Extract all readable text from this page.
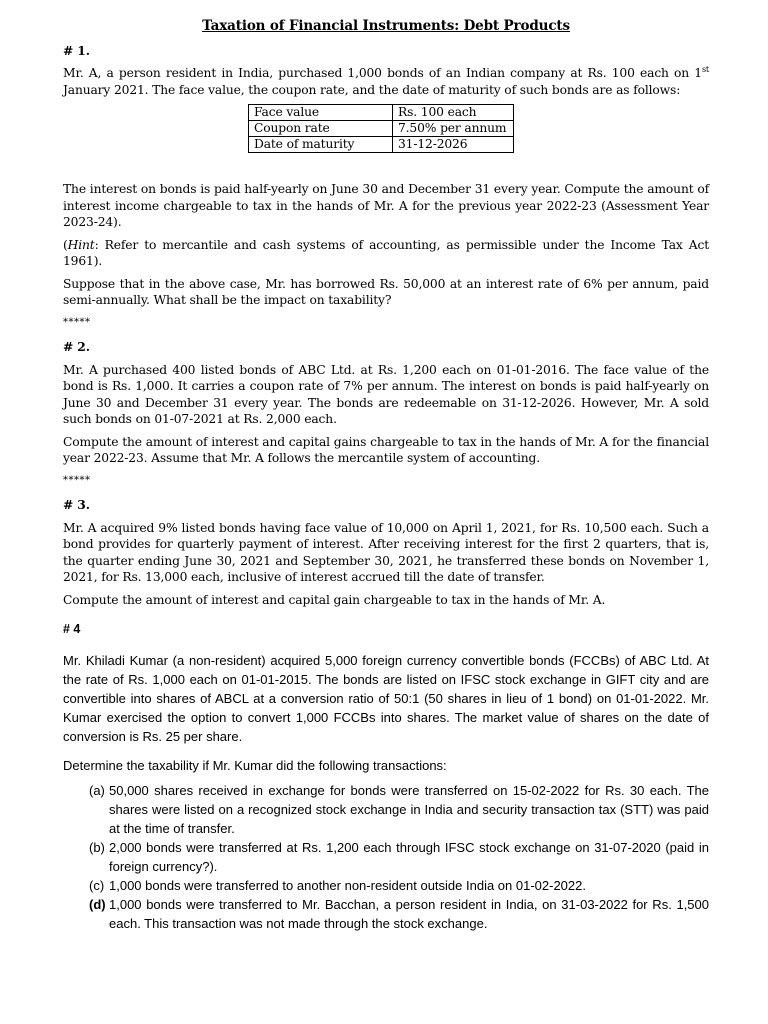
Taxation of Financial Instruments: Debt Products
# 1.

Mr. A, a person resident in India, purchased 1,000 bonds of an Indian company at Rs. 100 each on 1st January 2021. The face value, the coupon rate, and the date of maturity of such bonds are as follows:

Face value	Rs. 100 each
Coupon rate	7.50% per annum
Date of maturity	31-12-2026

The interest on bonds is paid half-yearly on June 30 and December 31 every year. Compute the amount of interest income chargeable to tax in the hands of Mr. A for the previous year 2022-23 (Assessment Year 2023-24).

(Hint: Refer to mercantile and cash systems of accounting, as permissible under the Income Tax Act 1961).

Suppose that in the above case, Mr. has borrowed Rs. 50,000 at an interest rate of 6% per annum, paid semi-annually. What shall be the impact on taxability?

*****
# 2.

Mr. A purchased 400 listed bonds of ABC Ltd. at Rs. 1,200 each on 01-01-2016. The face value of the bond is Rs. 1,000. It carries a coupon rate of 7% per annum. The interest on bonds is paid half-yearly on June 30 and December 31 every year. The bonds are redeemable on 31-12-2026. However, Mr. A sold such bonds on 01-07-2021 at Rs. 2,000 each.

Compute the amount of interest and capital gains chargeable to tax in the hands of Mr. A for the financial year 2022-23. Assume that Mr. A follows the mercantile system of accounting.

*****
# 3.

Mr. A acquired 9% listed bonds having face value of 10,000 on April 1, 2021, for Rs. 10,500 each. Such a bond provides for quarterly payment of interest. After receiving interest for the first 2 quarters, that is, the quarter ending June 30, 2021 and September 30, 2021, he transferred these bonds on November 1, 2021, for Rs. 13,000 each, inclusive of interest accrued till the date of transfer.

Compute the amount of interest and capital gain chargeable to tax in the hands of Mr. A.

# 4

Mr. Khiladi Kumar (a non-resident) acquired 5,000 foreign currency convertible bonds (FCCBs) of ABC Ltd. At the rate of Rs. 1,000 each on 01-01-2015. The bonds are listed on IFSC stock exchange in GIFT city and are convertible into shares of ABCL at a conversion ratio of 50:1 (50 shares in lieu of 1 bond) on 01-01-2022. Mr. Kumar exercised the option to convert 1,000 FCCBs into shares. The market value of shares on the date of conversion is Rs. 25 per share.

Determine the taxability if Mr. Kumar did the following transactions:

(a) 50,000 shares received in exchange for bonds were transferred on 15-02-2022 for Rs. 30 each. The shares were listed on a recognized stock exchange in India and security transaction tax (STT) was paid at the time of transfer.
(b) 2,000 bonds were transferred at Rs. 1,200 each through IFSC stock exchange on 31-07-2020 (paid in foreign currency?).
(c) 1,000 bonds were transferred to another non-resident outside India on 01-02-2022.
(d) 1,000 bonds were transferred to Mr. Bacchan, a person resident in India, on 31-03-2022 for Rs. 1,500 each. This transaction was not made through the stock exchange.
